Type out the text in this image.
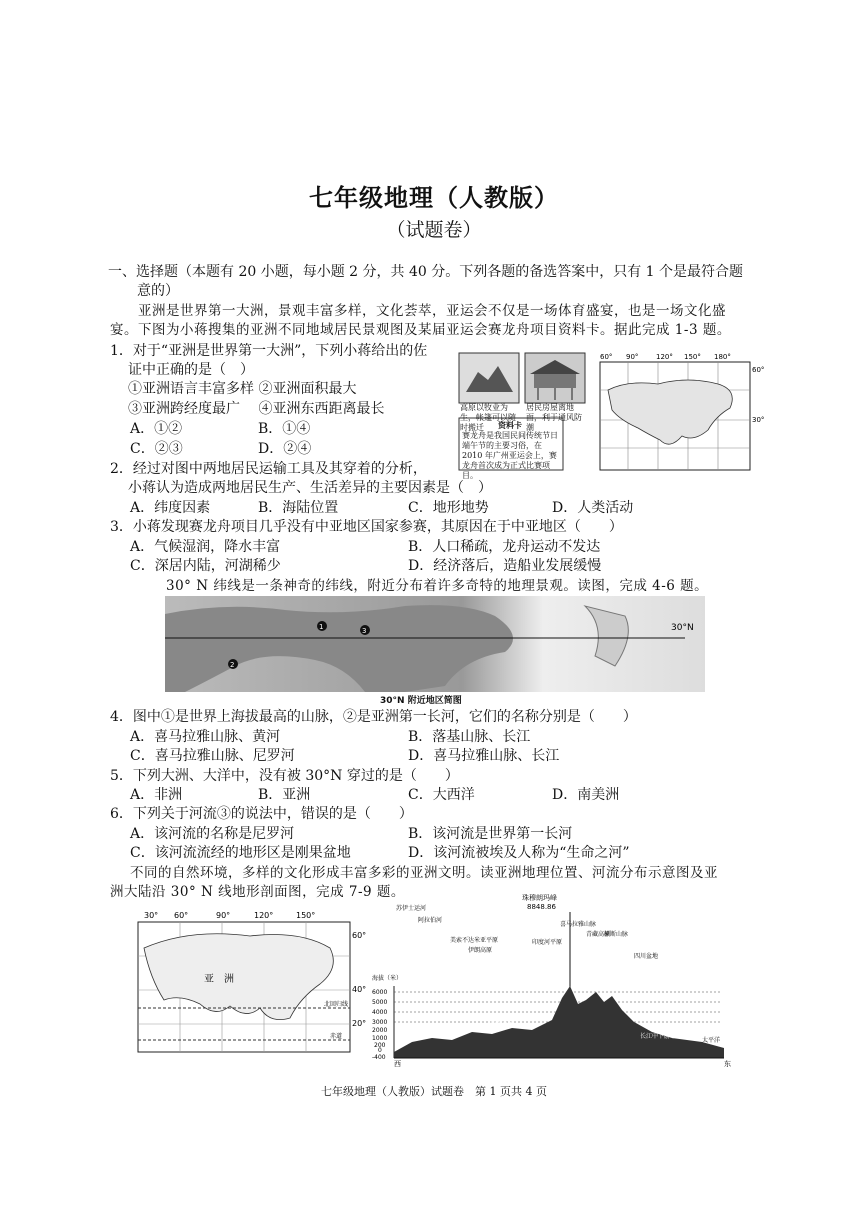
七年级地理（人教版）
（试题卷）
一、选择题（本题有 20 小题，每小题 2 分，共 40 分。下列各题的备选答案中，只有 1 个是最符合题
意的）
亚洲是世界第一大洲，景观丰富多样，文化荟萃，亚运会不仅是一场体育盛宴，也是一场文化盛
宴。下图为小蒋搜集的亚洲不同地域居民景观图及某届亚运会赛龙舟项目资料卡。据此完成 1-3 题。
1．对于“亚洲是世界第一大洲”，下列小蒋给出的佐
证中正确的是（　）
①亚洲语言丰富多样 ②亚洲面积最大
③亚洲跨经度最广　 ④亚洲东西距离最长
A．①②	B．①④
C．②③	D．②④
高原以牧业为生，帐篷可以随时搬迁
居民房屋离地面，利于通风防潮
资料卡
赛龙舟是我国民间传统节日端午节的主要习俗，在 2010 年广州亚运会上，赛龙舟首次成为正式比赛项目。
60° 90°	120° 150° 180°
60°
30°
2．经过对图中两地居民运输工具及其穿着的分析，
小蒋认为造成两地居民生产、生活差异的主要因素是（　）
A．纬度因素	B．海陆位置	C．地形地势	D．人类活动
3．小蒋发现赛龙舟项目几乎没有中亚地区国家参赛，其原因在于中亚地区（　　）
A．气候湿润，降水丰富	B．人口稀疏，龙舟运动不发达
C．深居内陆，河湖稀少	D．经济落后，造船业发展缓慢
30° N 纬线是一条神奇的纬线，附近分布着许多奇特的地理景观。读图，完成 4-6 题。
1
2
3	30°N
30°N 附近地区简图
4．图中①是世界上海拔最高的山脉，②是亚洲第一长河，它们的名称分别是（　　）
A．喜马拉雅山脉、黄河	B．落基山脉、长江
C．喜马拉雅山脉、尼罗河	D．喜马拉雅山脉、长江
5．下列大洲、大洋中，没有被 30°N 穿过的是（　　）
A．非洲	B．亚洲	C．大西洋	D．南美洲
6．下列关于河流③的说法中，错误的是（　　）
A．该河流的名称是尼罗河	B．该河流是世界第一长河
C．该河流流经的地形区是刚果盆地	D．该河流被埃及人称为“生命之河”
不同的自然环境，多样的文化形成丰富多彩的亚洲文明。读亚洲地理位置、河流分布示意图及亚
洲大陆沿 30° N 线地形剖面图，完成 7-9 题。
30° 60°	90°	120°	150°
60°
40°
20°
亚　洲
北回归线
赤道
珠穆朗玛峰
8848.86
海拔（米）
6000
5000
4000
3000
2000
1000
200
0
-400
苏伊士运河
阿拉伯河
美索不达米亚平原
伊朗高原
印度河平原
喜马拉雅山脉
青藏高原
横断山脉
四川盆地
阿拉伯高原
伊朗高原
长江中下游平原
太平洋
西	东
七年级地理（人教版）试题卷　第 1 页共 4 页
